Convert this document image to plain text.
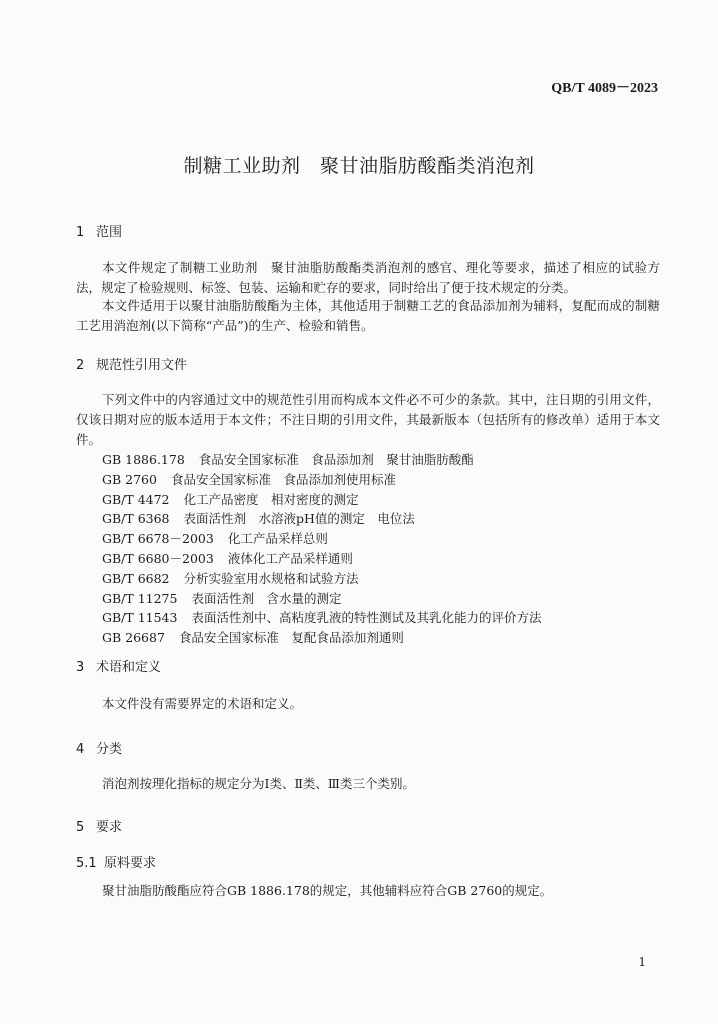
QB/T 4089－2023
制糖工业助剂　聚甘油脂肪酸酯类消泡剂
1 范围
本文件规定了制糖工业助剂　聚甘油脂肪酸酯类消泡剂的感官、理化等要求，描述了相应的试验方法，规定了检验规则、标签、包装、运输和贮存的要求，同时给出了便于技术规定的分类。
本文件适用于以聚甘油脂肪酸酯为主体，其他适用于制糖工艺的食品添加剂为辅料，复配而成的制糖工艺用消泡剂(以下简称“产品”)的生产、检验和销售。
2 规范性引用文件
下列文件中的内容通过文中的规范性引用而构成本文件必不可少的条款。其中，注日期的引用文件，仅该日期对应的版本适用于本文件；不注日期的引用文件，其最新版本（包括所有的修改单）适用于本文件。
GB 1886.178 食品安全国家标准　食品添加剂　聚甘油脂肪酸酯
GB 2760 食品安全国家标准　食品添加剂使用标准
GB/T 4472 化工产品密度　相对密度的测定
GB/T 6368 表面活性剂　水溶液pH值的测定　电位法
GB/T 6678－2003 化工产品采样总则
GB/T 6680－2003 液体化工产品采样通则
GB/T 6682 分析实验室用水规格和试验方法
GB/T 11275 表面活性剂　含水量的测定
GB/T 11543 表面活性剂中、高粘度乳液的特性测试及其乳化能力的评价方法
GB 26687 食品安全国家标准　复配食品添加剂通则
3 术语和定义
本文件没有需要界定的术语和定义。
4 分类
消泡剂按理化指标的规定分为Ⅰ类、Ⅱ类、Ⅲ类三个类别。
5 要求
5.1 原料要求
聚甘油脂肪酸酯应符合GB 1886.178的规定，其他辅料应符合GB 2760的规定。
1
